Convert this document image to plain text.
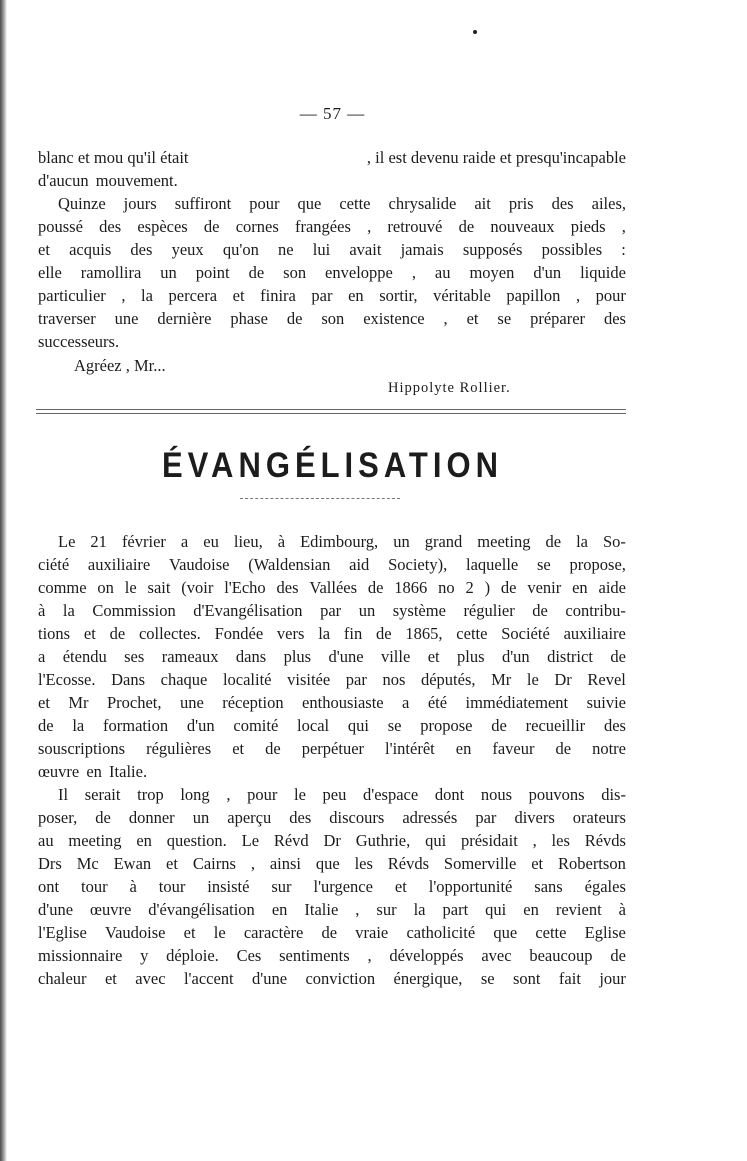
— 57 —
blanc et mou qu'il était	, il est devenu raide et presqu'incapable
d'aucun mouvement.
Quinze jours suffiront pour que cette chrysalide ait pris des ailes,
poussé des espèces de cornes frangées , retrouvé de nouveaux pieds ,
et acquis des yeux qu'on ne lui avait jamais supposés possibles :
elle ramollira un point de son enveloppe , au moyen d'un liquide
particulier , la percera et finira par en sortir, véritable papillon , pour
traverser une dernière phase de son existence , et se préparer des
successeurs.
Agréez , Mr...
Hippolyte Rollier.
ÉVANGÉLISATION
Le 21 février a eu lieu, à Edimbourg, un grand meeting de la So-
ciété auxiliaire Vaudoise (Waldensian aid Society), laquelle se propose,
comme on le sait (voir l'Echo des Vallées de 1866 no 2 ) de venir en aide
à la Commission d'Evangélisation par un système régulier de contribu-
tions et de collectes. Fondée vers la fin de 1865, cette Société auxiliaire
a étendu ses rameaux dans plus d'une ville et plus d'un district de
l'Ecosse. Dans chaque localité visitée par nos députés, Mr le Dr Revel
et Mr Prochet, une réception enthousiaste a été immédiatement suivie
de la formation d'un comité local qui se propose de recueillir des
souscriptions régulières et de perpétuer l'intérêt en faveur de notre
œuvre en Italie.
Il serait trop long , pour le peu d'espace dont nous pouvons dis-
poser, de donner un aperçu des discours adressés par divers orateurs
au meeting en question. Le Révd Dr Guthrie, qui présidait , les Révds
Drs Mc Ewan et Cairns , ainsi que les Révds Somerville et Robertson
ont tour à tour insisté sur l'urgence et l'opportunité sans égales
d'une œuvre d'évangélisation en Italie , sur la part qui en revient à
l'Eglise Vaudoise et le caractère de vraie catholicité que cette Eglise
missionnaire y déploie. Ces sentiments , développés avec beaucoup de
chaleur et avec l'accent d'une conviction énergique, se sont fait jour
